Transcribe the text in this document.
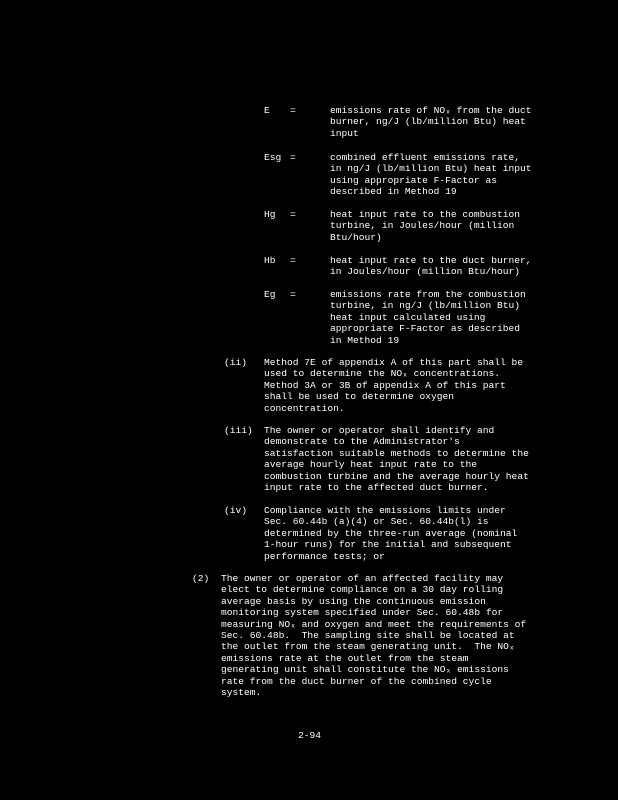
E =	emissions rate of NOₓ from the duct
burner, ng/J (lb/million Btu) heat
input
Esg =	combined effluent emissions rate,
in ng/J (lb/million Btu) heat input
using appropriate F-Factor as
described in Method 19
Hg =	heat input rate to the combustion
turbine, in Joules/hour (million
Btu/hour)
Hb =	heat input rate to the duct burner,
in Joules/hour (million Btu/hour)
Eg =	emissions rate from the combustion
turbine, in ng/J (lb/million Btu)
heat input calculated using
appropriate F-Factor as described
in Method 19
(ii) Method 7E of appendix A of this part shall be
used to determine the NOₓ concentrations.
Method 3A or 3B of appendix A of this part
shall be used to determine oxygen
concentration.
(iii) The owner or operator shall identify and
demonstrate to the Administrator's
satisfaction suitable methods to determine the
average hourly heat input rate to the
combustion turbine and the average hourly heat
input rate to the affected duct burner.
(iv) Compliance with the emissions limits under
Sec. 60.44b (a)(4) or Sec. 60.44b(l) is
determined by the three-run average (nominal
1-hour runs) for the initial and subsequent
performance tests; or
(2) The owner or operator of an affected facility may
elect to determine compliance on a 30 day rolling
average basis by using the continuous emission
monitoring system specified under Sec. 60.48b for
measuring NOₓ and oxygen and meet the requirements of
Sec. 60.48b.  The sampling site shall be located at
the outlet from the steam generating unit.  The NOₓ
emissions rate at the outlet from the steam
generating unit shall constitute the NOₓ emissions
rate from the duct burner of the combined cycle
system.
2-94
